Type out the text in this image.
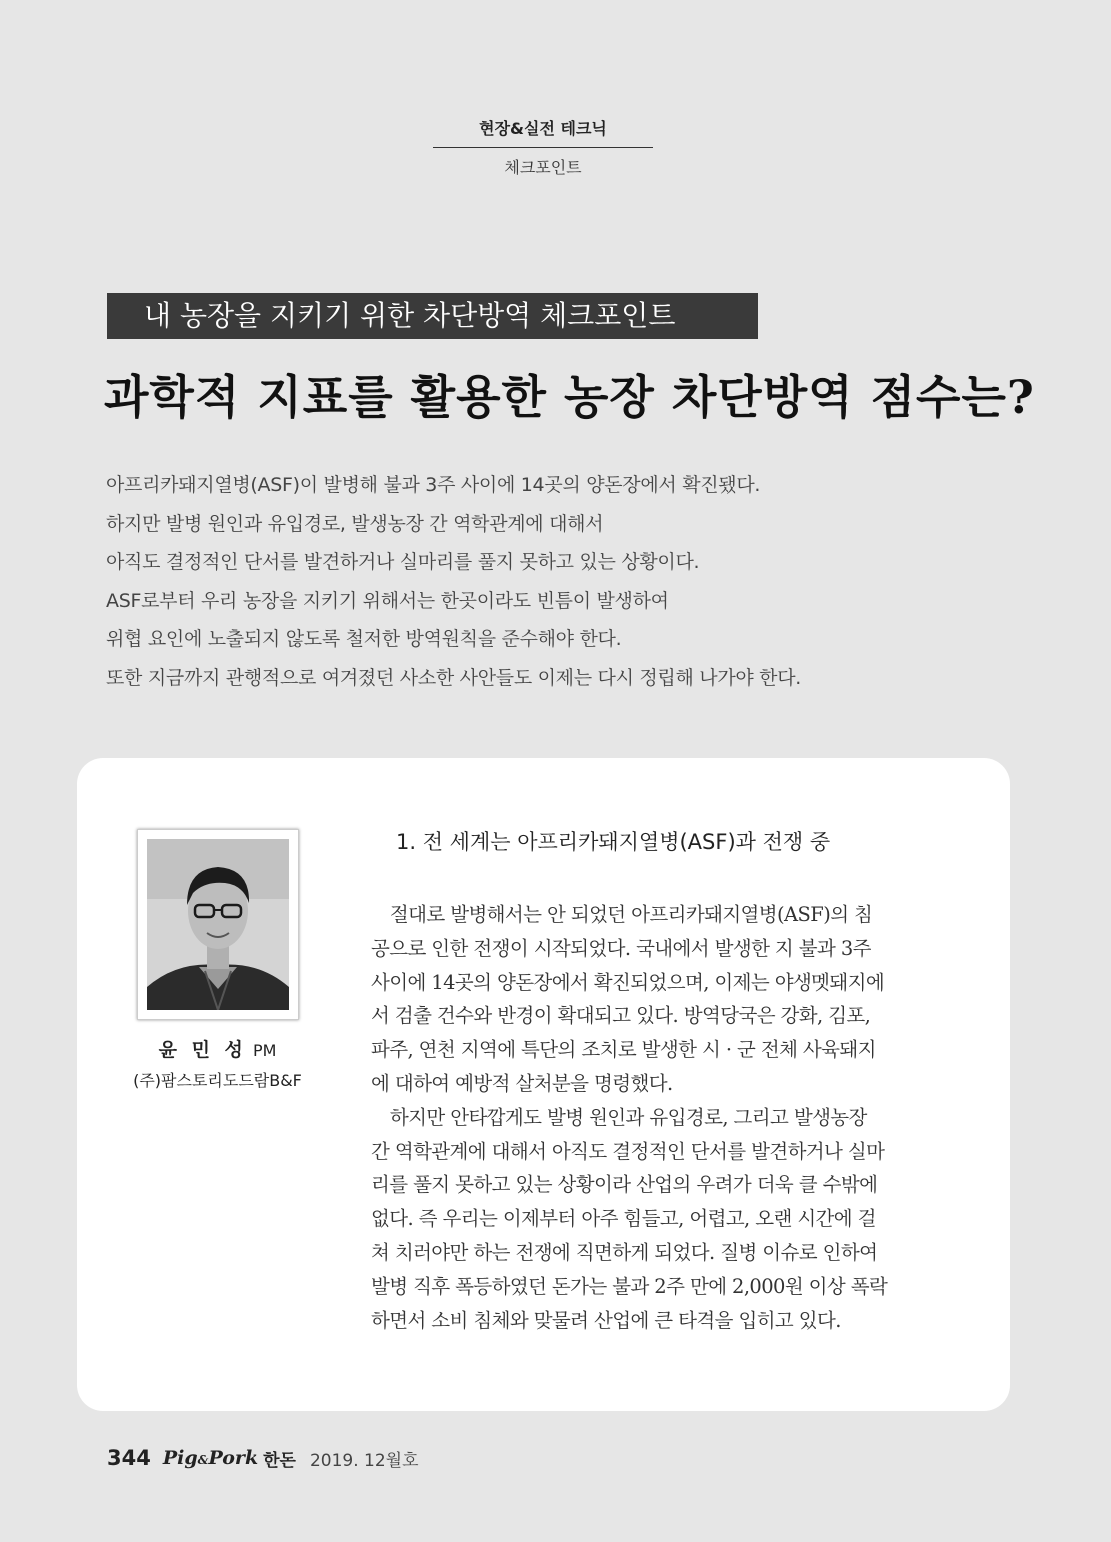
현장&실전 테크닉
체크포인트
내 농장을 지키기 위한 차단방역 체크포인트
과학적 지표를 활용한 농장 차단방역 점수는?
아프리카돼지열병(ASF)이 발병해 불과 3주 사이에 14곳의 양돈장에서 확진됐다.
하지만 발병 원인과 유입경로, 발생농장 간 역학관계에 대해서
아직도 결정적인 단서를 발견하거나 실마리를 풀지 못하고 있는 상황이다.
ASF로부터 우리 농장을 지키기 위해서는 한곳이라도 빈틈이 발생하여
위협 요인에 노출되지 않도록 철저한 방역원칙을 준수해야 한다.
또한 지금까지 관행적으로 여겨졌던 사소한 사안들도 이제는 다시 정립해 나가야 한다.
윤 민 성 PM
(주)팜스토리도드람B&F
1. 전 세계는 아프리카돼지열병(ASF)과 전쟁 중
　절대로 발병해서는 안 되었던 아프리카돼지열병(ASF)의 침
공으로 인한 전쟁이 시작되었다. 국내에서 발생한 지 불과 3주
사이에 14곳의 양돈장에서 확진되었으며, 이제는 야생멧돼지에
서 검출 건수와 반경이 확대되고 있다. 방역당국은 강화, 김포,
파주, 연천 지역에 특단의 조치로 발생한 시 · 군 전체 사육돼지
에 대하여 예방적 살처분을 명령했다.
　하지만 안타깝게도 발병 원인과 유입경로, 그리고 발생농장
간 역학관계에 대해서 아직도 결정적인 단서를 발견하거나 실마
리를 풀지 못하고 있는 상황이라 산업의 우려가 더욱 클 수밖에
없다. 즉 우리는 이제부터 아주 힘들고, 어렵고, 오랜 시간에 걸
쳐 치러야만 하는 전쟁에 직면하게 되었다. 질병 이슈로 인하여
발병 직후 폭등하였던 돈가는 불과 2주 만에 2,000원 이상 폭락
하면서 소비 침체와 맞물려 산업에 큰 타격을 입히고 있다.
344 Pig&Pork 한돈 2019. 12월호
